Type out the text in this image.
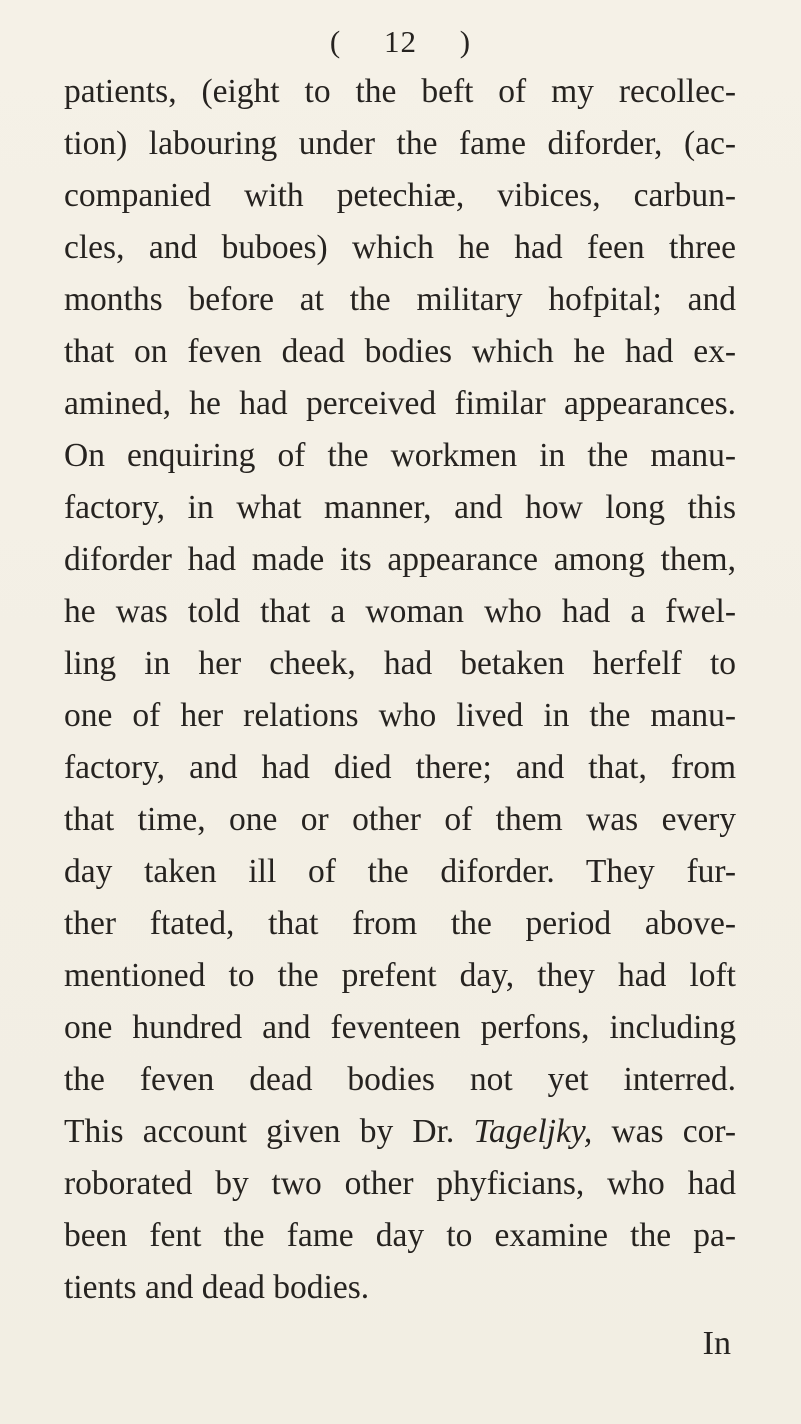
( 12 )
patients, (eight to the beft of my recollec-
tion) labouring under the fame diforder, (ac-
companied with petechiæ, vibices, carbun-
cles, and buboes) which he had feen three
months before at the military hofpital; and
that on feven dead bodies which he had ex-
amined, he had perceived fimilar appearances.
On enquiring of the workmen in the manu-
factory, in what manner, and how long this
diforder had made its appearance among them,
he was told that a woman who had a fwel-
ling in her cheek, had betaken herfelf to
one of her relations who lived in the manu-
factory, and had died there; and that, from
that time, one or other of them was every
day taken ill of the diforder. They fur-
ther ftated, that from the period above-
mentioned to the prefent day, they had loft
one hundred and feventeen perfons, including
the feven dead bodies not yet interred.
This account given by Dr. Tageljky, was cor-
roborated by two other phyficians, who had
been fent the fame day to examine the pa-
tients and dead bodies.
In
